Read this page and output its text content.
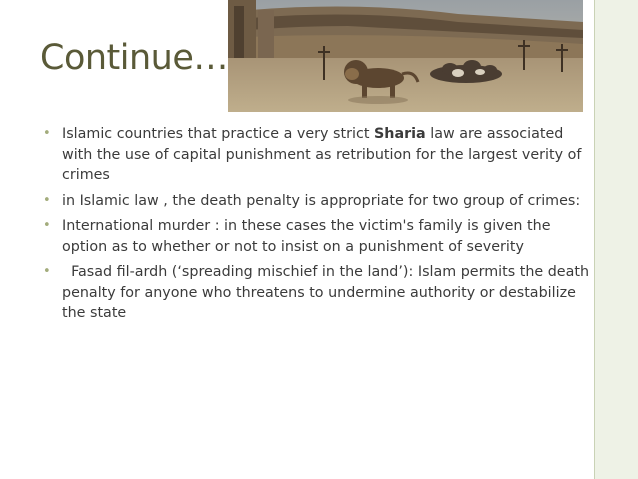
Continue…
• Islamic countries that practice a very strict Sharia law are associated with the use of capital punishment as retribution for the largest verity of crimes
• in Islamic law , the death penalty is appropriate for two group of crimes:
• International murder : in these cases the victim's family is given the option as to whether or not to insist on a punishment of severity
• Fasad fil-ardh (‘spreading mischief in the land’): Islam permits the death penalty for anyone who threatens to undermine authority or destabilize the state
